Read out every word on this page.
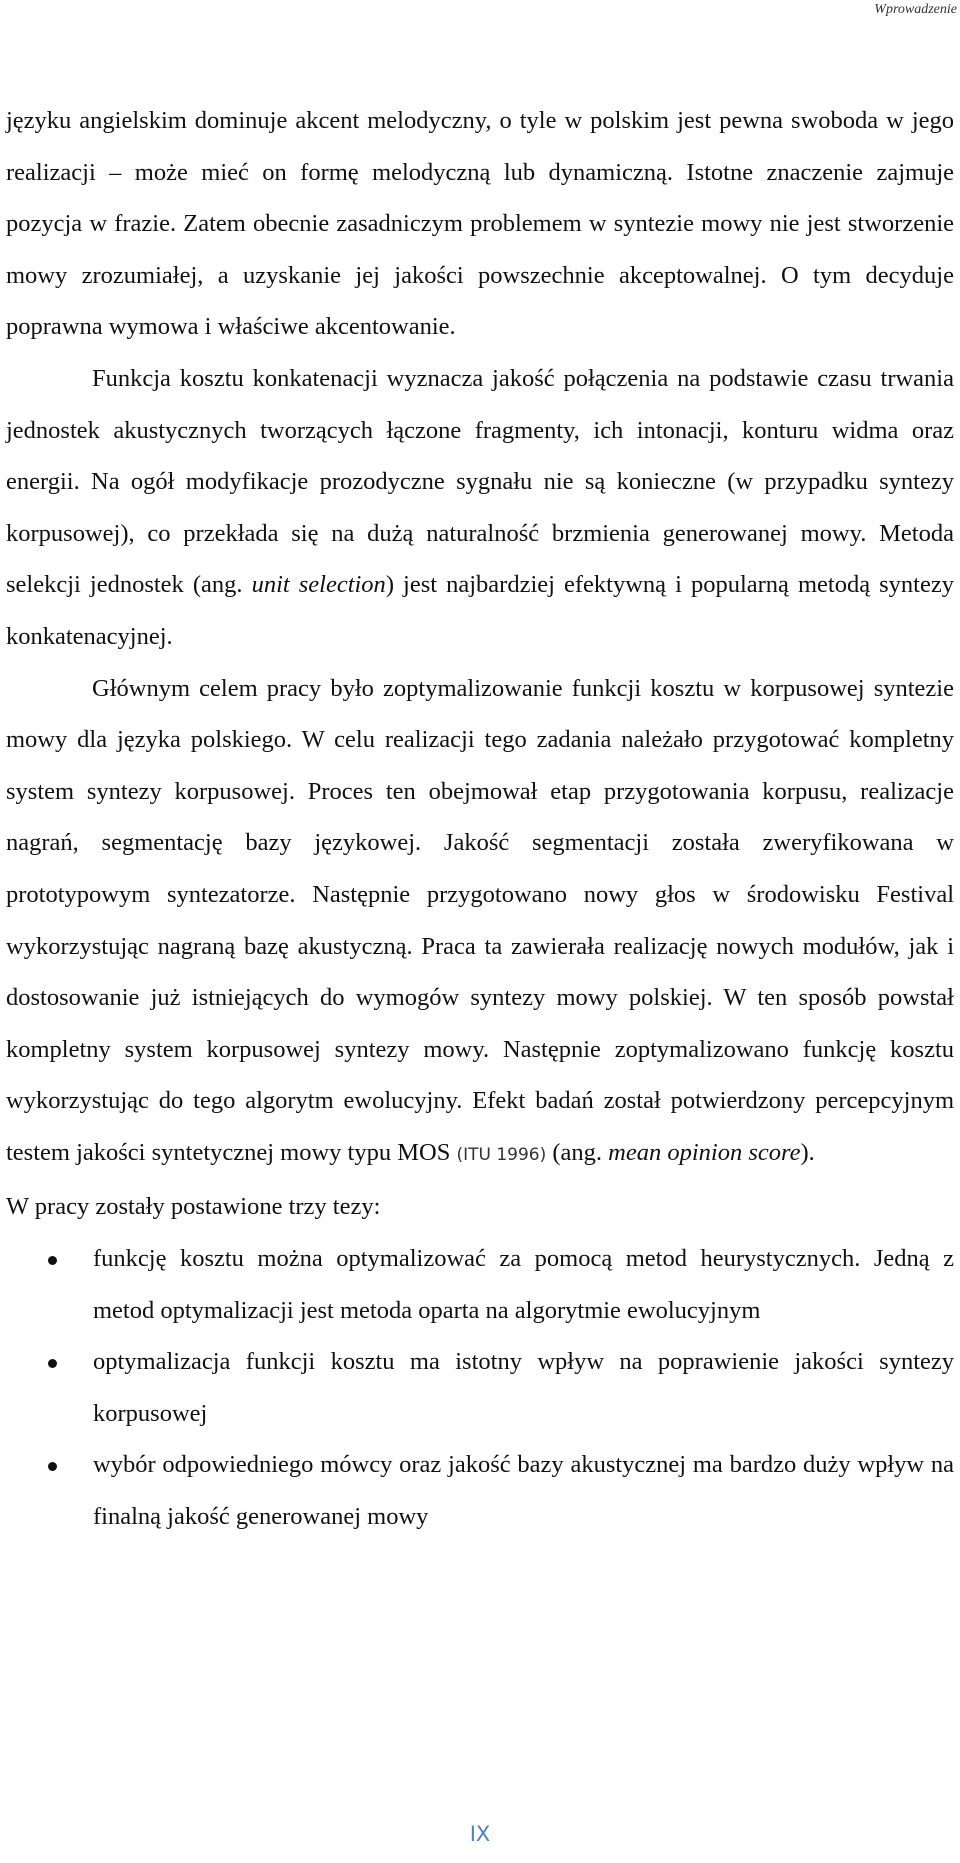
Wprowadzenie

języku angielskim dominuje akcent melodyczny, o tyle w polskim jest pewna swoboda w jego realizacji – może mieć on formę melodyczną lub dynamiczną. Istotne znaczenie zajmuje pozycja w frazie. Zatem obecnie zasadniczym problemem w syntezie mowy nie jest stworzenie mowy zrozumiałej, a uzyskanie jej jakości powszechnie akceptowalnej. O tym decyduje poprawna wymowa i właściwe akcentowanie.

Funkcja kosztu konkatenacji wyznacza jakość połączenia na podstawie czasu trwania jednostek akustycznych tworzących łączone fragmenty, ich intonacji, konturu widma oraz energii. Na ogół modyfikacje prozodyczne sygnału nie są konieczne (w przypadku syntezy korpusowej), co przekłada się na dużą naturalność brzmienia generowanej mowy. Metoda selekcji jednostek (ang. unit selection) jest najbardziej efektywną i popularną metodą syntezy konkatenacyjnej.

Głównym celem pracy było zoptymalizowanie funkcji kosztu w korpusowej syntezie mowy dla języka polskiego. W celu realizacji tego zadania należało przygotować kompletny system syntezy korpusowej. Proces ten obejmował etap przygotowania korpusu, realizacje nagrań, segmentację bazy językowej. Jakość segmentacji została zweryfikowana w prototypowym syntezatorze. Następnie przygotowano nowy głos w środowisku Festival wykorzystując nagraną bazę akustyczną. Praca ta zawierała realizację nowych modułów, jak i dostosowanie już istniejących do wymogów syntezy mowy polskiej. W ten sposób powstał kompletny system korpusowej syntezy mowy. Następnie zoptymalizowano funkcję kosztu wykorzystując do tego algorytm ewolucyjny. Efekt badań został potwierdzony percepcyjnym testem jakości syntetycznej mowy typu MOS (ITU 1996) (ang. mean opinion score).

W pracy zostały postawione trzy tezy:

funkcję kosztu można optymalizować za pomocą metod heurystycznych. Jedną z metod optymalizacji jest metoda oparta na algorytmie ewolucyjnym
optymalizacja funkcji kosztu ma istotny wpływ na poprawienie jakości syntezy korpusowej
wybór odpowiedniego mówcy oraz jakość bazy akustycznej ma bardzo duży wpływ na finalną jakość generowanej mowy
IX
